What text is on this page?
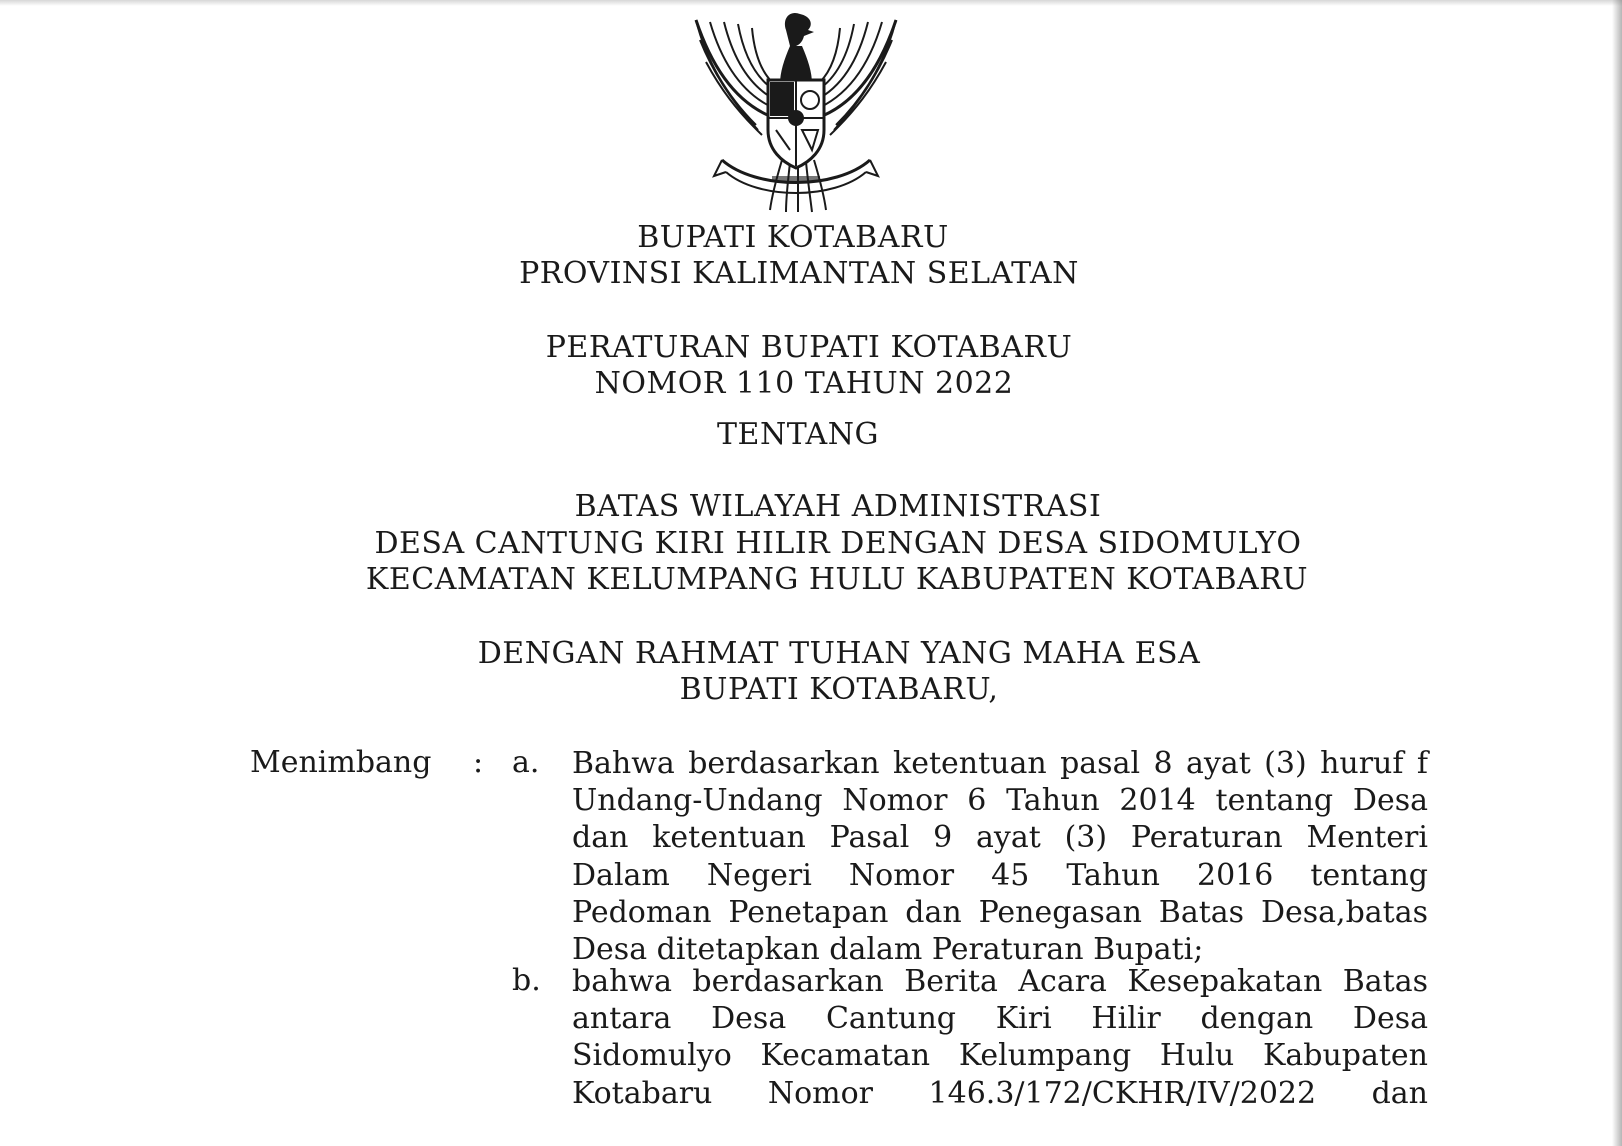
BUPATI KOTABARU
PROVINSI KALIMANTAN SELATAN
PERATURAN BUPATI KOTABARU
NOMOR 110 TAHUN 2022
TENTANG
BATAS WILAYAH ADMINISTRASI
DESA CANTUNG KIRI HILIR DENGAN DESA SIDOMULYO
KECAMATAN KELUMPANG HULU KABUPATEN KOTABARU
DENGAN RAHMAT TUHAN YANG MAHA ESA
BUPATI KOTABARU,
Menimbang : a. Bahwa berdasarkan ketentuan pasal 8 ayat (3) huruf f
Undang-Undang Nomor 6 Tahun 2014 tentang Desa
dan ketentuan Pasal 9 ayat (3) Peraturan Menteri
Dalam Negeri Nomor 45 Tahun 2016 tentang
Pedoman Penetapan dan Penegasan Batas Desa,batas
Desa ditetapkan dalam Peraturan Bupati;
b. bahwa berdasarkan Berita Acara Kesepakatan Batas
antara Desa Cantung Kiri Hilir dengan Desa
Sidomulyo Kecamatan Kelumpang Hulu Kabupaten
Kotabaru Nomor 146.3/172/CKHR/IV/2022 dan
